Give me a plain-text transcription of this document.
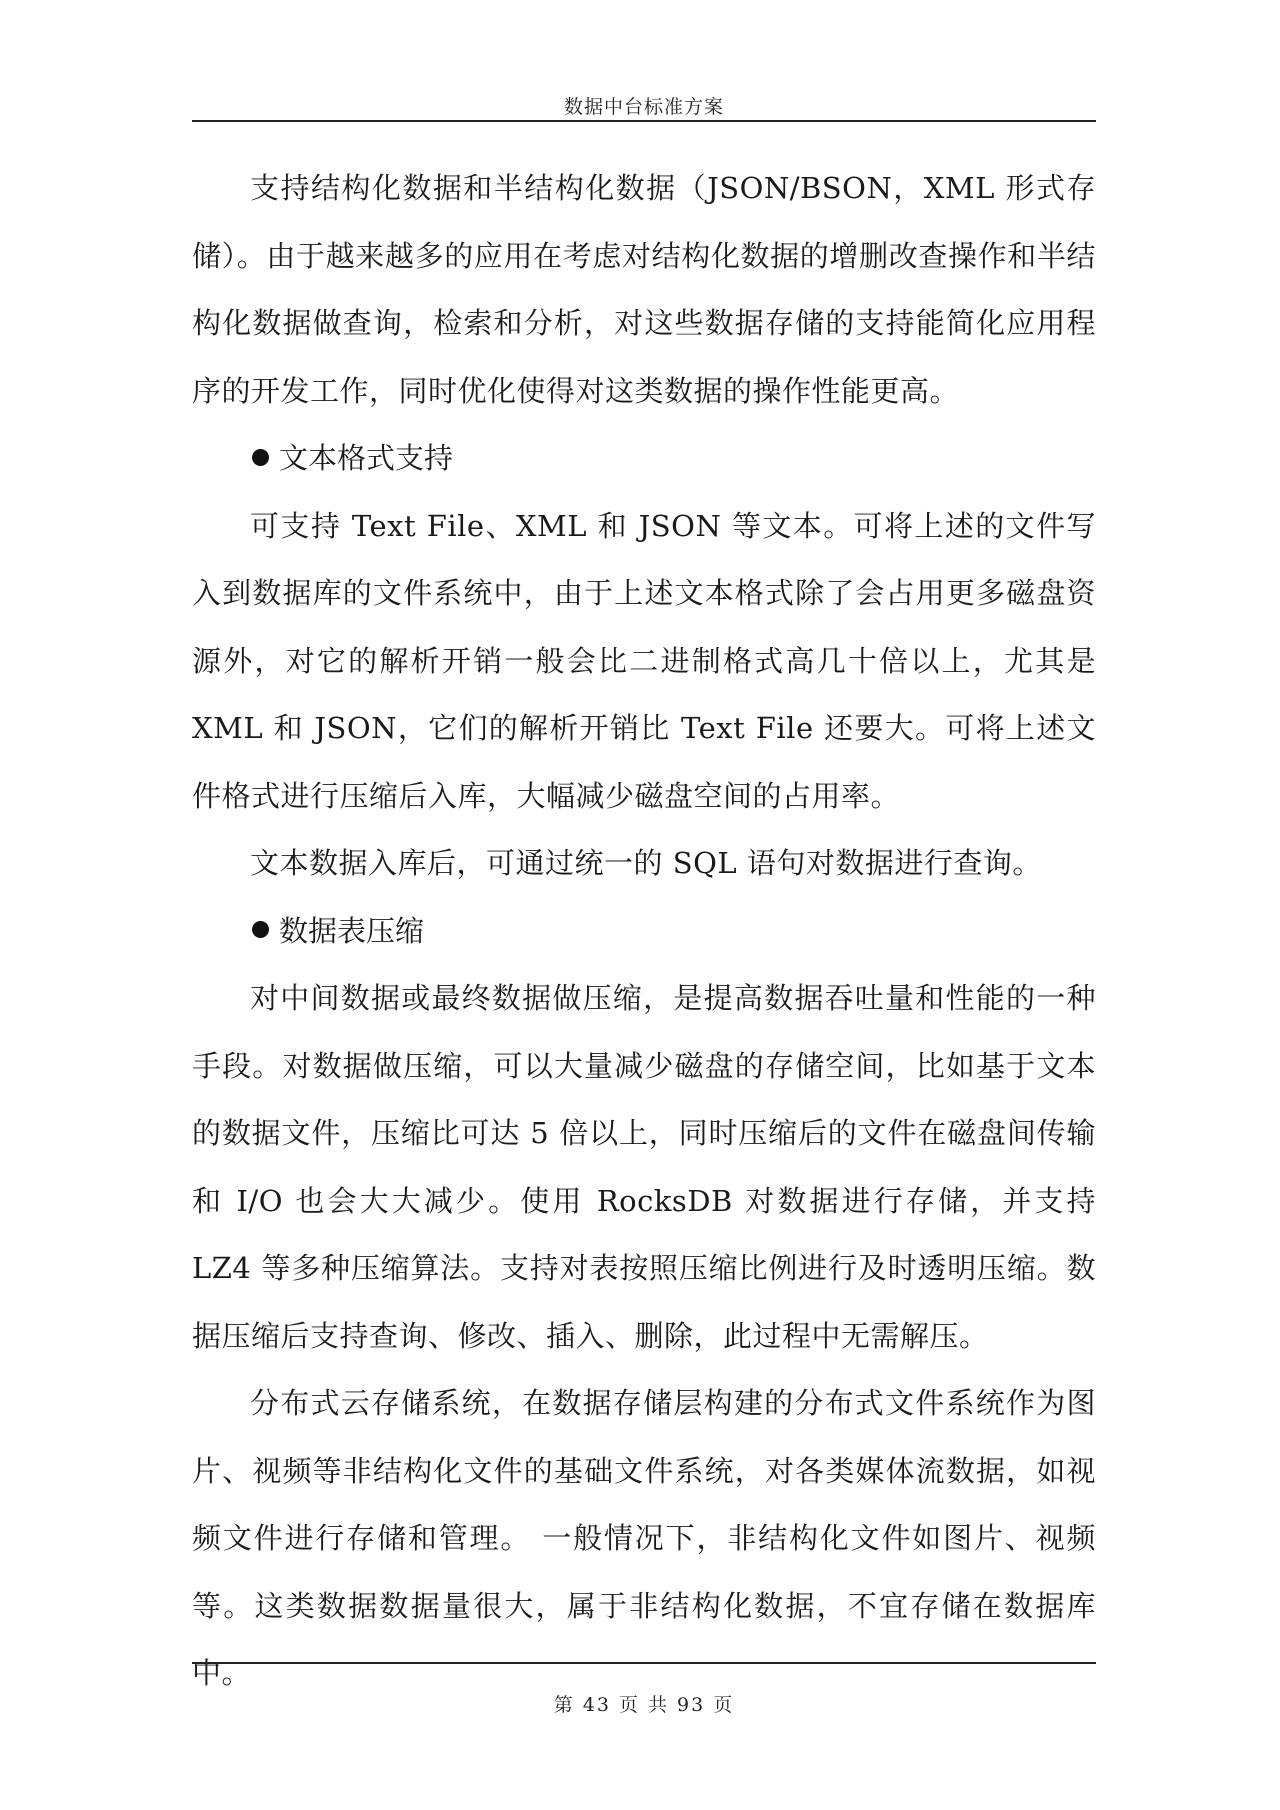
数据中台标准方案

支持结构化数据和半结构化数据（JSON/BSON，XML 形式存储）。由于越来越多的应用在考虑对结构化数据的增删改查操作和半结构化数据做查询，检索和分析，对这些数据存储的支持能简化应用程序的开发工作，同时优化使得对这类数据的操作性能更高。

文本格式支持

可支持 Text File、XML 和 JSON 等文本。可将上述的文件写入到数据库的文件系统中，由于上述文本格式除了会占用更多磁盘资源外，对它的解析开销一般会比二进制格式高几十倍以上，尤其是 XML 和 JSON，它们的解析开销比 Text File 还要大。可将上述文件格式进行压缩后入库，大幅减少磁盘空间的占用率。

文本数据入库后，可通过统一的 SQL 语句对数据进行查询。

数据表压缩

对中间数据或最终数据做压缩，是提高数据吞吐量和性能的一种手段。对数据做压缩，可以大量减少磁盘的存储空间，比如基于文本的数据文件，压缩比可达 5 倍以上，同时压缩后的文件在磁盘间传输和 I/O 也会大大减少。使用 RocksDB 对数据进行存储，并支持 LZ4 等多种压缩算法。支持对表按照压缩比例进行及时透明压缩。数据压缩后支持查询、修改、插入、删除，此过程中无需解压。

分布式云存储系统，在数据存储层构建的分布式文件系统作为图片、视频等非结构化文件的基础文件系统，对各类媒体流数据，如视频文件进行存储和管理。 一般情况下，非结构化文件如图片、视频等。这类数据数据量很大，属于非结构化数据，不宜存储在数据库中。

第 43 页 共 93 页
